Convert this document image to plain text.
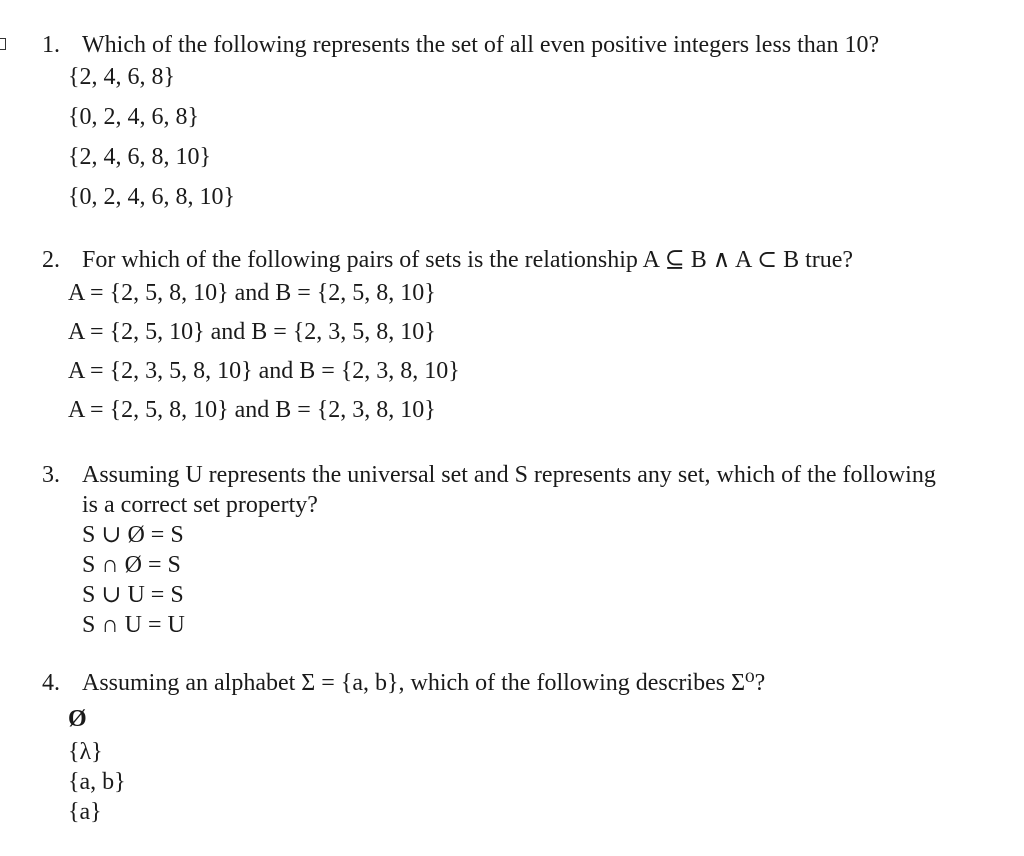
1. Which of the following represents the set of all even positive integers less than 10?
{2, 4, 6, 8}
{0, 2, 4, 6, 8}
{2, 4, 6, 8, 10}
{0, 2, 4, 6, 8, 10}
2. For which of the following pairs of sets is the relationship A ⊆ B ∧ A ⊂ B true?
A = {2, 5, 8, 10} and B = {2, 5, 8, 10}
A = {2, 5, 10} and B = {2, 3, 5, 8, 10}
A = {2, 3, 5, 8, 10} and B = {2, 3, 8, 10}
A = {2, 5, 8, 10} and B = {2, 3, 8, 10}
3. Assuming U represents the universal set and S represents any set, which of the following is a correct set property?
S ∪ Ø = S
S ∩ Ø = S
S ∪ U = S
S ∩ U = U
4. Assuming an alphabet Σ = {a, b}, which of the following describes Σ⁰?
Ø
{λ}
{a, b}
{a}
